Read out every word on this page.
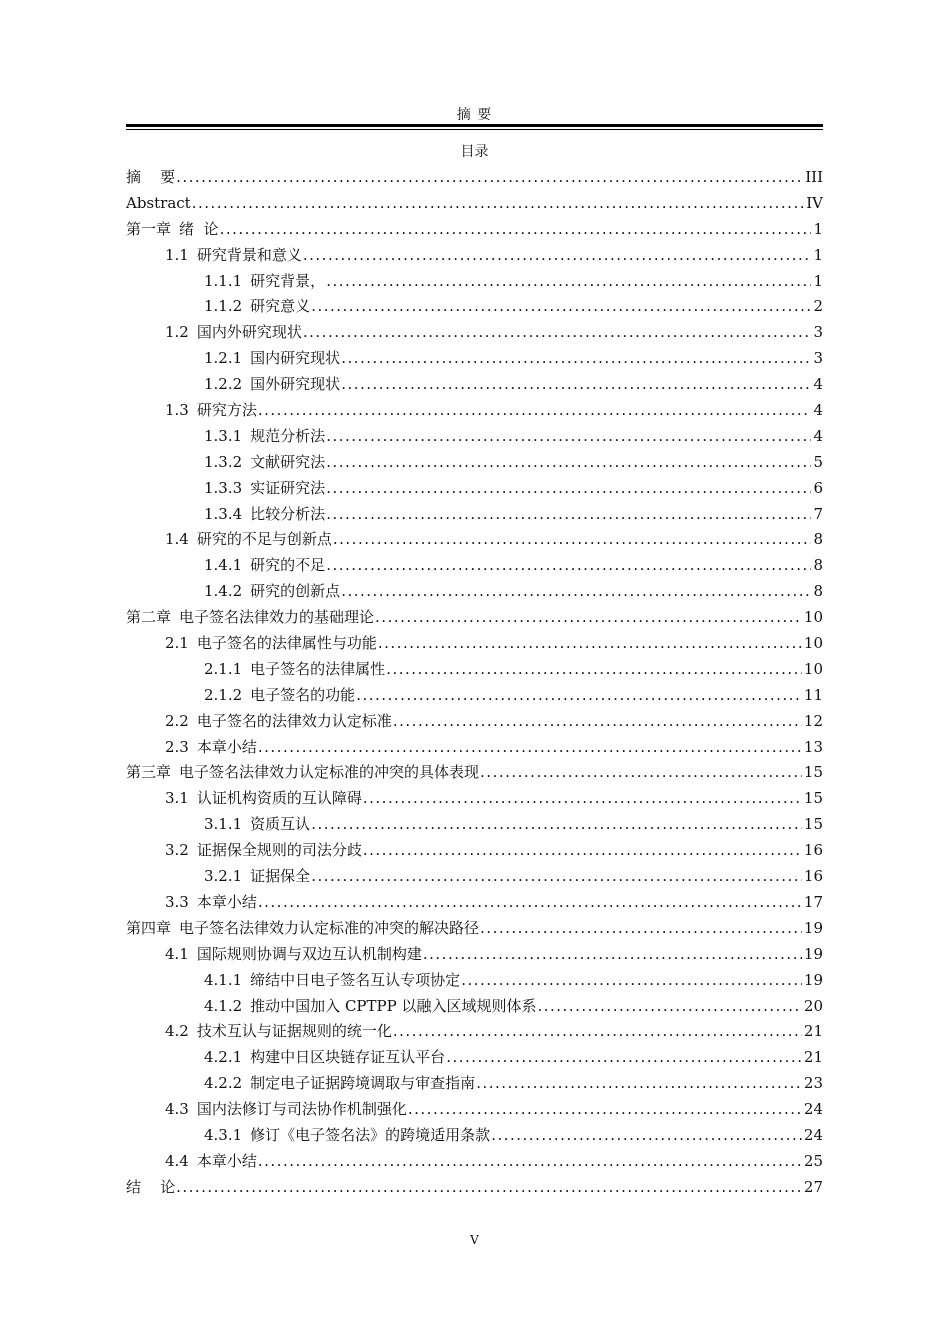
摘 要
目录
摘    要 .....	III
Abstract .....	IV
第一章 绪  论 .....	1
1.1 研究背景和意义 .....	1
1.1.1 研究背景， .....	1
1.1.2 研究意义 .....	2
1.2 国内外研究现状 .....	3
1.2.1 国内研究现状 .....	3
1.2.2 国外研究现状 .....	4
1.3 研究方法 .....	4
1.3.1 规范分析法 .....	4
1.3.2 文献研究法 .....	5
1.3.3 实证研究法 .....	6
1.3.4 比较分析法 .....	7
1.4 研究的不足与创新点 .....	8
1.4.1 研究的不足 .....	8
1.4.2 研究的创新点 .....	8
第二章 电子签名法律效力的基础理论 .....	10
2.1 电子签名的法律属性与功能 .....	10
2.1.1 电子签名的法律属性 .....	10
2.1.2 电子签名的功能 .....	11
2.2 电子签名的法律效力认定标准 .....	12
2.3 本章小结 .....	13
第三章 电子签名法律效力认定标准的冲突的具体表现 .....	15
3.1 认证机构资质的互认障碍 .....	15
3.1.1 资质互认 .....	15
3.2 证据保全规则的司法分歧 .....	16
3.2.1 证据保全 .....	16
3.3 本章小结 .....	17
第四章 电子签名法律效力认定标准的冲突的解决路径 .....	19
4.1 国际规则协调与双边互认机制构建 .....	19
4.1.1 缔结中日电子签名互认专项协定 .....	19
4.1.2 推动中国加入 CPTPP 以融入区域规则体系 .....	20
4.2 技术互认与证据规则的统一化 .....	21
4.2.1 构建中日区块链存证互认平台 .....	21
4.2.2 制定电子证据跨境调取与审查指南 .....	23
4.3 国内法修订与司法协作机制强化 .....	24
4.3.1 修订《电子签名法》的跨境适用条款 .....	24
4.4 本章小结 .....	25
结    论 .....	27
V
